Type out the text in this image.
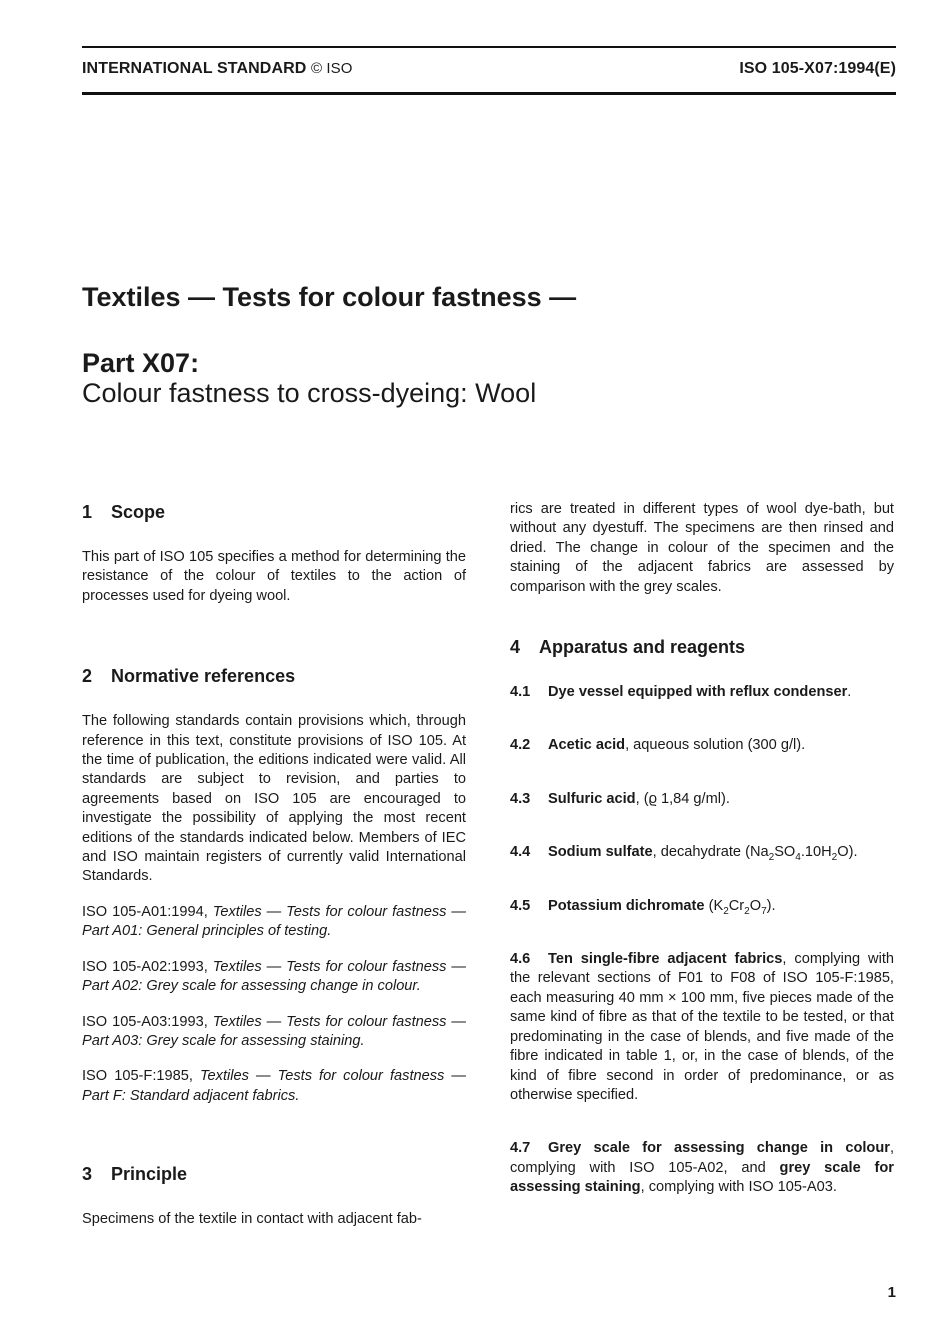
INTERNATIONAL STANDARD © ISO	ISO 105-X07:1994(E)
Textiles — Tests for colour fastness —
Part X07:
Colour fastness to cross-dyeing: Wool
1 Scope

This part of ISO 105 specifies a method for determining the resistance of the colour of textiles to the action of processes used for dyeing wool.

2 Normative references

The following standards contain provisions which, through reference in this text, constitute provisions of ISO 105. At the time of publication, the editions indicated were valid. All standards are subject to revision, and parties to agreements based on ISO 105 are encouraged to investigate the possibility of applying the most recent editions of the standards indicated below. Members of IEC and ISO maintain registers of currently valid International Standards.

ISO 105-A01:1994, Textiles — Tests for colour fastness — Part A01: General principles of testing.

ISO 105-A02:1993, Textiles — Tests for colour fastness — Part A02: Grey scale for assessing change in colour.

ISO 105-A03:1993, Textiles — Tests for colour fastness — Part A03: Grey scale for assessing staining.

ISO 105-F:1985, Textiles — Tests for colour fastness — Part F: Standard adjacent fabrics.

3 Principle

Specimens of the textile in contact with adjacent fab-

rics are treated in different types of wool dye-bath, but without any dyestuff. The specimens are then rinsed and dried. The change in colour of the specimen and the staining of the adjacent fabrics are assessed by comparison with the grey scales.

4 Apparatus and reagents

4.1 Dye vessel equipped with reflux condenser.

4.2 Acetic acid, aqueous solution (300 g/l).

4.3 Sulfuric acid, (ϱ 1,84 g/ml).

4.4 Sodium sulfate, decahydrate $(Na_2SO_4.10H_2O)$.

4.5 Potassium dichromate $(K_2Cr_2O_7)$.

4.6 Ten single-fibre adjacent fabrics, complying with the relevant sections of F01 to F08 of ISO 105-F:1985, each measuring 40 mm × 100 mm, five pieces made of the same kind of fibre as that of the textile to be tested, or that predominating in the case of blends, and five made of the fibre indicated in table 1, or, in the case of blends, of the kind of fibre second in order of predominance, or as otherwise specified.

4.7 Grey scale for assessing change in colour, complying with ISO 105-A02, and grey scale for assessing staining, complying with ISO 105-A03.

1
